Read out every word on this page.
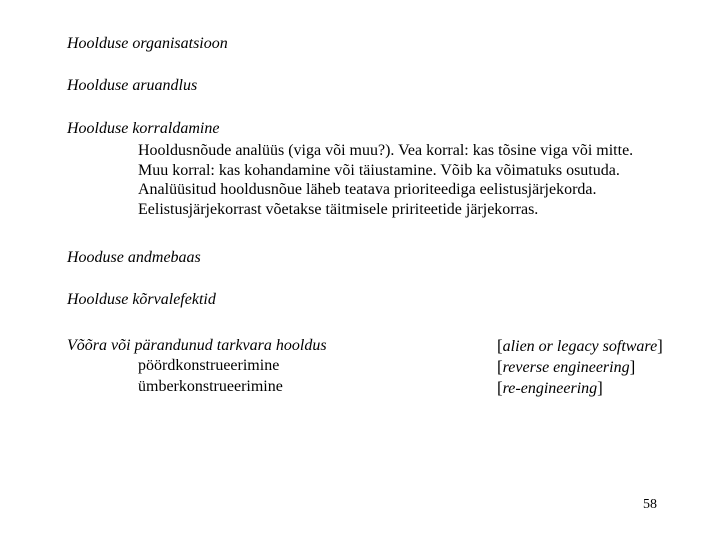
Hoolduse organisatsioon
Hoolduse aruandlus
Hoolduse korraldamine
Hooldusnõude analüüs (viga või muu?). Vea korral: kas tõsine viga või mitte.
Muu korral: kas kohandamine või täiustamine. Võib ka võimatuks osutuda.
Analüüsitud hooldusnõue läheb teatava prioriteediga eelistusjärjekorda.
Eelistusjärjekorrast võetakse täitmisele pririteetide järjekorras.
Hooduse andmebaas
Hoolduse kõrvalefektid
Võõra või pärandunud tarkvara hooldus
pöördkonstrueerimine
ümberkonstrueerimine
[alien or legacy software]
[reverse engineering]
[re-engineering]
58
